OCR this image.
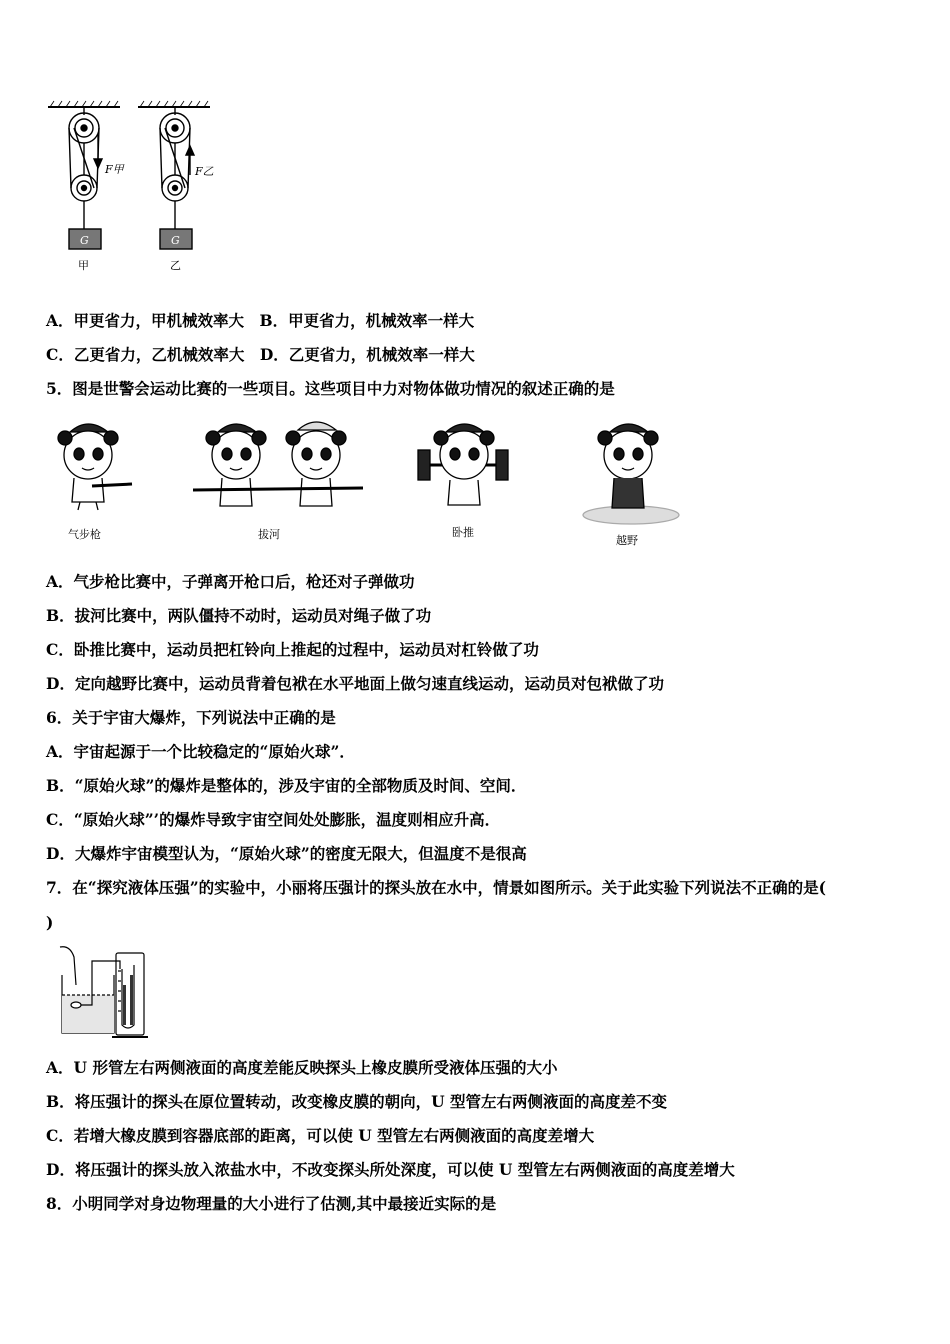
F甲
G
甲
F乙
G
乙
A．甲更省力，甲机械效率大　B．甲更省力，机械效率一样大
C．乙更省力，乙机械效率大　D．乙更省力，机械效率一样大
5．图是世警会运动比赛的一些项目。这些项目中力对物体做功情况的叙述正确的是
气步枪	拔河	卧推
越野
A．气步枪比赛中，子弹离开枪口后，枪还对子弹做功
B．拔河比赛中，两队僵持不动时，运动员对绳子做了功
C．卧推比赛中，运动员把杠铃向上推起的过程中，运动员对杠铃做了功
D．定向越野比赛中，运动员背着包袱在水平地面上做匀速直线运动，运动员对包袱做了功
6．关于宇宙大爆炸，下列说法中正确的是
A．宇宙起源于一个比较稳定的“原始火球”．
B．“原始火球”的爆炸是整体的，涉及宇宙的全部物质及时间、空间．
C．“原始火球”’的爆炸导致宇宙空间处处膨胀，温度则相应升高．
D．大爆炸宇宙模型认为，“原始火球”的密度无限大，但温度不是很高
7．在“探究液体压强”的实验中，小丽将压强计的探头放在水中，情景如图所示。关于此实验下列说法不正确的是(
)
A．U 形管左右两侧液面的高度差能反映探头上橡皮膜所受液体压强的大小
B．将压强计的探头在原位置转动，改变橡皮膜的朝向，U 型管左右两侧液面的高度差不变
C．若增大橡皮膜到容器底部的距离，可以使 U 型管左右两侧液面的高度差增大
D．将压强计的探头放入浓盐水中，不改变探头所处深度，可以使 U 型管左右两侧液面的高度差增大
8．小明同学对身边物理量的大小进行了估测,其中最接近实际的是
